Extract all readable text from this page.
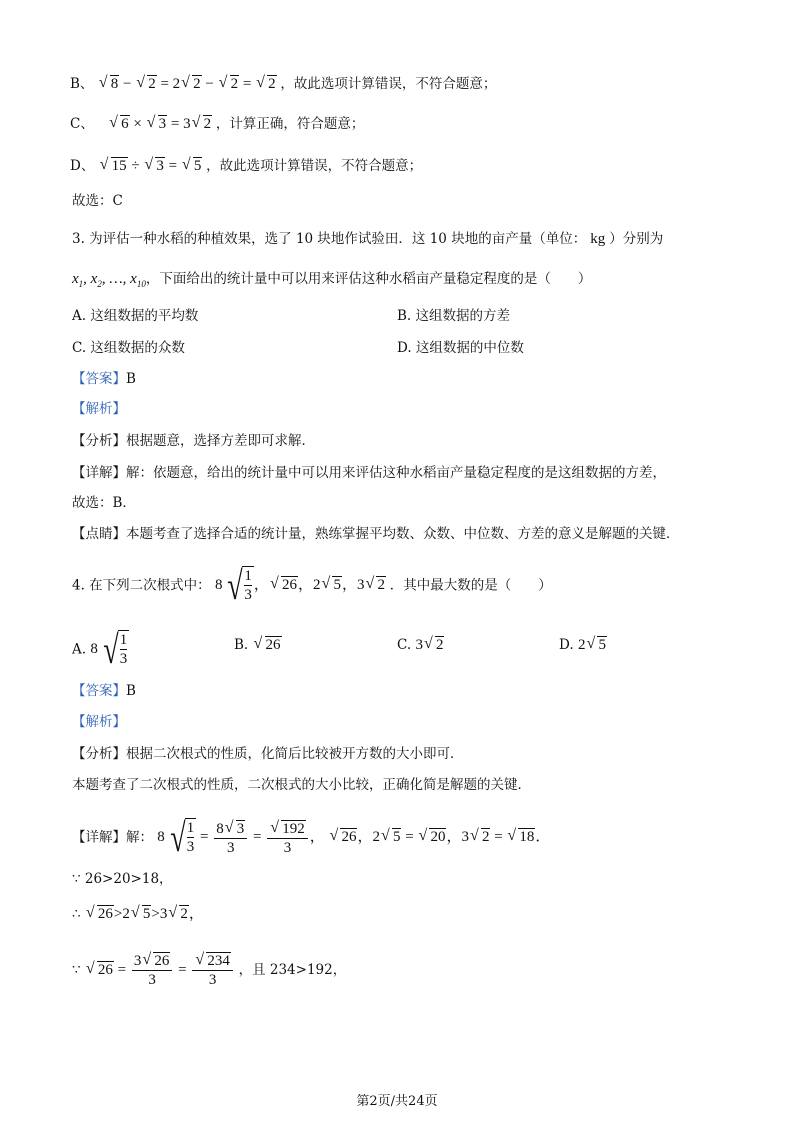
B、 √ 8 − √ 2 = 2 √ 2 − √ 2 = √ 2 ，故此选项计算错误，不符合题意；
C、 √ 6 × √ 3 = 3 √ 2 ，计算正确，符合题意；
D、 √ 15 ÷ √ 3 = √ 5 ，故此选项计算错误，不符合题意；
故选：C
3. 为评估一种水稻的种植效果，选了 10 块地作试验田．这 10 块地的亩产量（单位： kg ）分别为
$x_1$, $x_2$, …, $x_{10}$，下面给出的统计量中可以用来评估这种水稻亩产量稳定程度的是（　　）
A. 这组数据的平均数	B. 这组数据的方差
C. 这组数据的众数	D. 这组数据的中位数
【答案】B
【解析】
【分析】根据题意，选择方差即可求解．
【详解】解：依题意，给出的统计量中可以用来评估这种水稻亩产量稳定程度的是这组数据的方差，
故选：B．
【点睛】本题考查了选择合适的统计量，熟练掌握平均数、众数、中位数、方差的意义是解题的关键．
4. 在下列二次根式中： 8 √ $\frac{1}{3}$ ， √ 26，2 √ 5，3 √ 2 ．其中最大数的是（　　）
A. 8 √ $\frac{1}{3}$	B. √ 26	C. 3 √ 2	D. 2 √ 5
【答案】B
【解析】
【分析】根据二次根式的性质，化简后比较被开方数的大小即可．
本题考查了二次根式的性质，二次根式的大小比较，正确化简是解题的关键．
【详解】解： 8 √ $\frac{1}{3} = \frac{8 √ 3}{3}$ = √ $\frac{192}{3}$ ， √ 26，2 √ 5 = √ 20，3 √ 2 = √ 18．
∵ 26>20>18，
∴ √ 26>2 √ 5>3 √ 2，
∵ √ $26 = \frac{3 √ 26}{3}$ = √ $\frac{234}{3}$ ，且 234>192，
第2页/共24页
